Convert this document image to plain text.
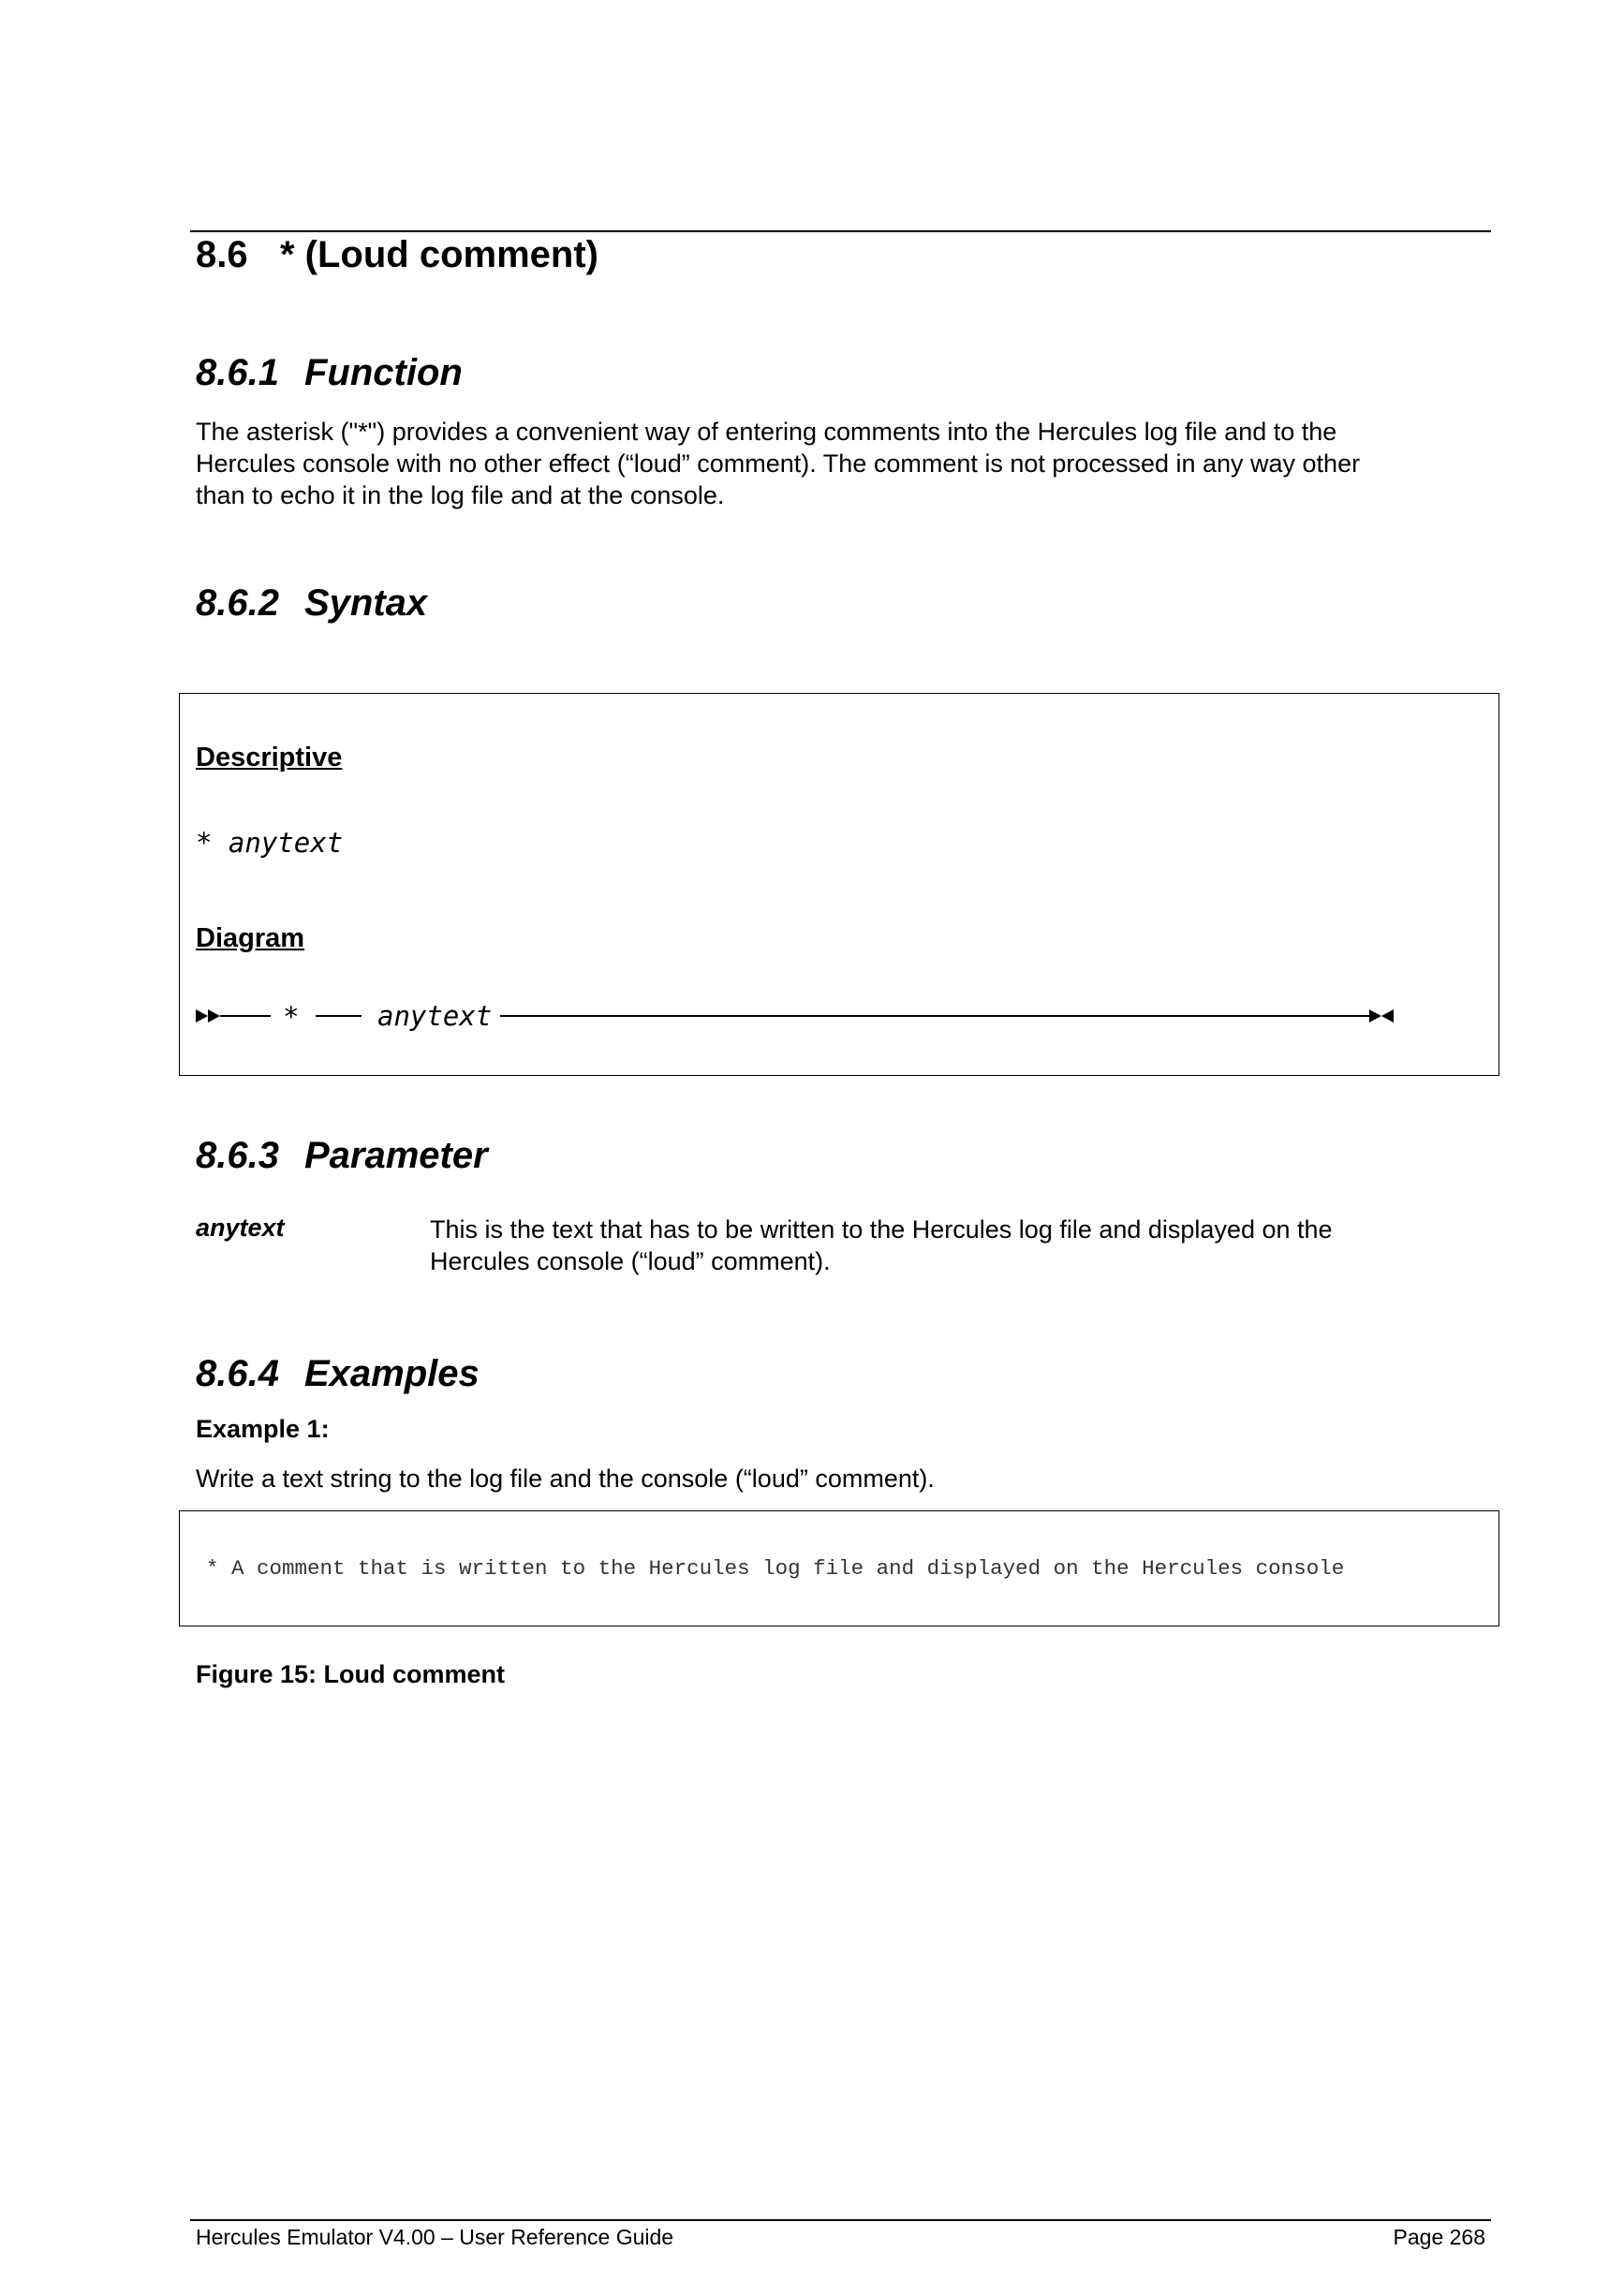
8.6 * (Loud comment)
8.6.1 Function
The asterisk ("*") provides a convenient way of entering comments into the Hercules log file and to the
Hercules console with no other effect (“loud” comment). The comment is not processed in any way other
than to echo it in the log file and at the console.
8.6.2 Syntax
Descriptive
* anytext
Diagram
*	anytext
8.6.3 Parameter
anytext	This is the text that has to be written to the Hercules log file and displayed on the
Hercules console (“loud” comment).
8.6.4 Examples
Example 1:
Write a text string to the log file and the console (“loud” comment).
* A comment that is written to the Hercules log file and displayed on the Hercules console
Figure 15: Loud comment
Hercules Emulator V4.00 – User Reference Guide	Page 268
